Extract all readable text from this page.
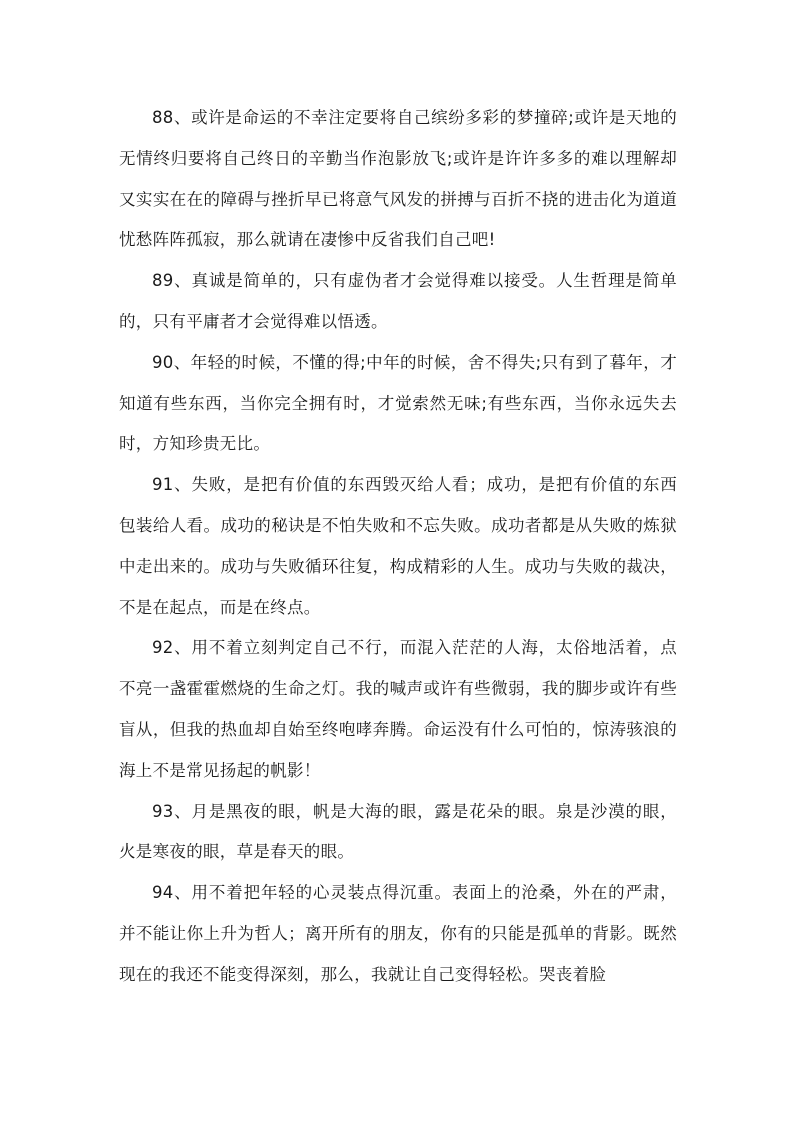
88、或许是命运的不幸注定要将自己缤纷多彩的梦撞碎;或许是天地的无情终归要将自己终日的辛勤当作泡影放飞;或许是许许多多的难以理解却又实实在在的障碍与挫折早已将意气风发的拼搏与百折不挠的进击化为道道忧愁阵阵孤寂，那么就请在凄惨中反省我们自己吧!

89、真诚是简单的，只有虚伪者才会觉得难以接受。人生哲理是简单的，只有平庸者才会觉得难以悟透。

90、年轻的时候，不懂的得;中年的时候，舍不得失;只有到了暮年，才知道有些东西，当你完全拥有时，才觉索然无味;有些东西，当你永远失去时，方知珍贵无比。

91、失败，是把有价值的东西毁灭给人看；成功，是把有价值的东西包装给人看。成功的秘诀是不怕失败和不忘失败。成功者都是从失败的炼狱中走出来的。成功与失败循环往复，构成精彩的人生。成功与失败的裁决，不是在起点，而是在终点。

92、用不着立刻判定自己不行，而混入茫茫的人海，太俗地活着，点不亮一盏霍霍燃烧的生命之灯。我的喊声或许有些微弱，我的脚步或许有些盲从，但我的热血却自始至终咆哮奔腾。命运没有什么可怕的，惊涛骇浪的海上不是常见扬起的帆影！

93、月是黑夜的眼，帆是大海的眼，露是花朵的眼。泉是沙漠的眼，火是寒夜的眼，草是春天的眼。

94、用不着把年轻的心灵装点得沉重。表面上的沧桑，外在的严肃，并不能让你上升为哲人；离开所有的朋友，你有的只能是孤单的背影。既然现在的我还不能变得深刻，那么，我就让自己变得轻松。哭丧着脸
